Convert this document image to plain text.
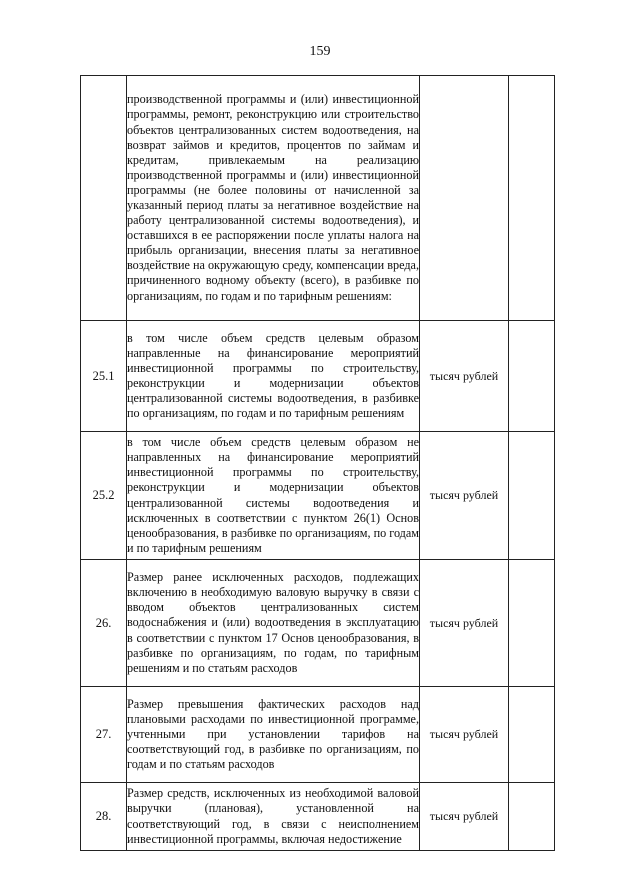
159
	производственной программы и (или) инвестиционной программы, ремонт, реконструкцию или строительство объектов централизованных систем водоотведения, на возврат займов и кредитов, процентов по займам и кредитам, привлекаемым на реализацию производственной программы и (или) инвестиционной программы (не более половины от начисленной за указанный период платы за негативное воздействие на работу централизованной системы водоотведения), и оставшихся в ее распоряжении после уплаты налога на прибыль организации, внесения платы за негативное воздействие на окружающую среду, компенсации вреда, причиненного водному объекту (всего), в разбивке по организациям, по годам и по тарифным решениям:		
25.1	в том числе объем средств целевым образом направленные на финансирование мероприятий инвестиционной программы по строительству, реконструкции и модернизации объектов централизованной системы водоотведения, в разбивке по организациям, по годам и по тарифным решениям	тысяч рублей	
25.2	в том числе объем средств целевым образом не направленных на финансирование мероприятий инвестиционной программы по строительству, реконструкции и модернизации объектов централизованной системы водоотведения и исключенных в соответствии с пунктом 26(1) Основ ценообразования, в разбивке по организациям, по годам и по тарифным решениям	тысяч рублей	
26.	Размер ранее исключенных расходов, подлежащих включению в необходимую валовую выручку в связи с вводом объектов централизованных систем водоснабжения и (или) водоотведения в эксплуатацию в соответствии с пунктом 17 Основ ценообразования, в разбивке по организациям, по годам, по тарифным решениям и по статьям расходов	тысяч рублей	
27.	Размер превышения фактических расходов над плановыми расходами по инвестиционной программе, учтенными при установлении тарифов на соответствующий год, в разбивке по организациям, по годам и по статьям расходов	тысяч рублей	
28.	Размер средств, исключенных из необходимой валовой выручки (плановая), установленной на соответствующий год, в связи с неисполнением инвестиционной программы, включая недостижение	тысяч рублей	
